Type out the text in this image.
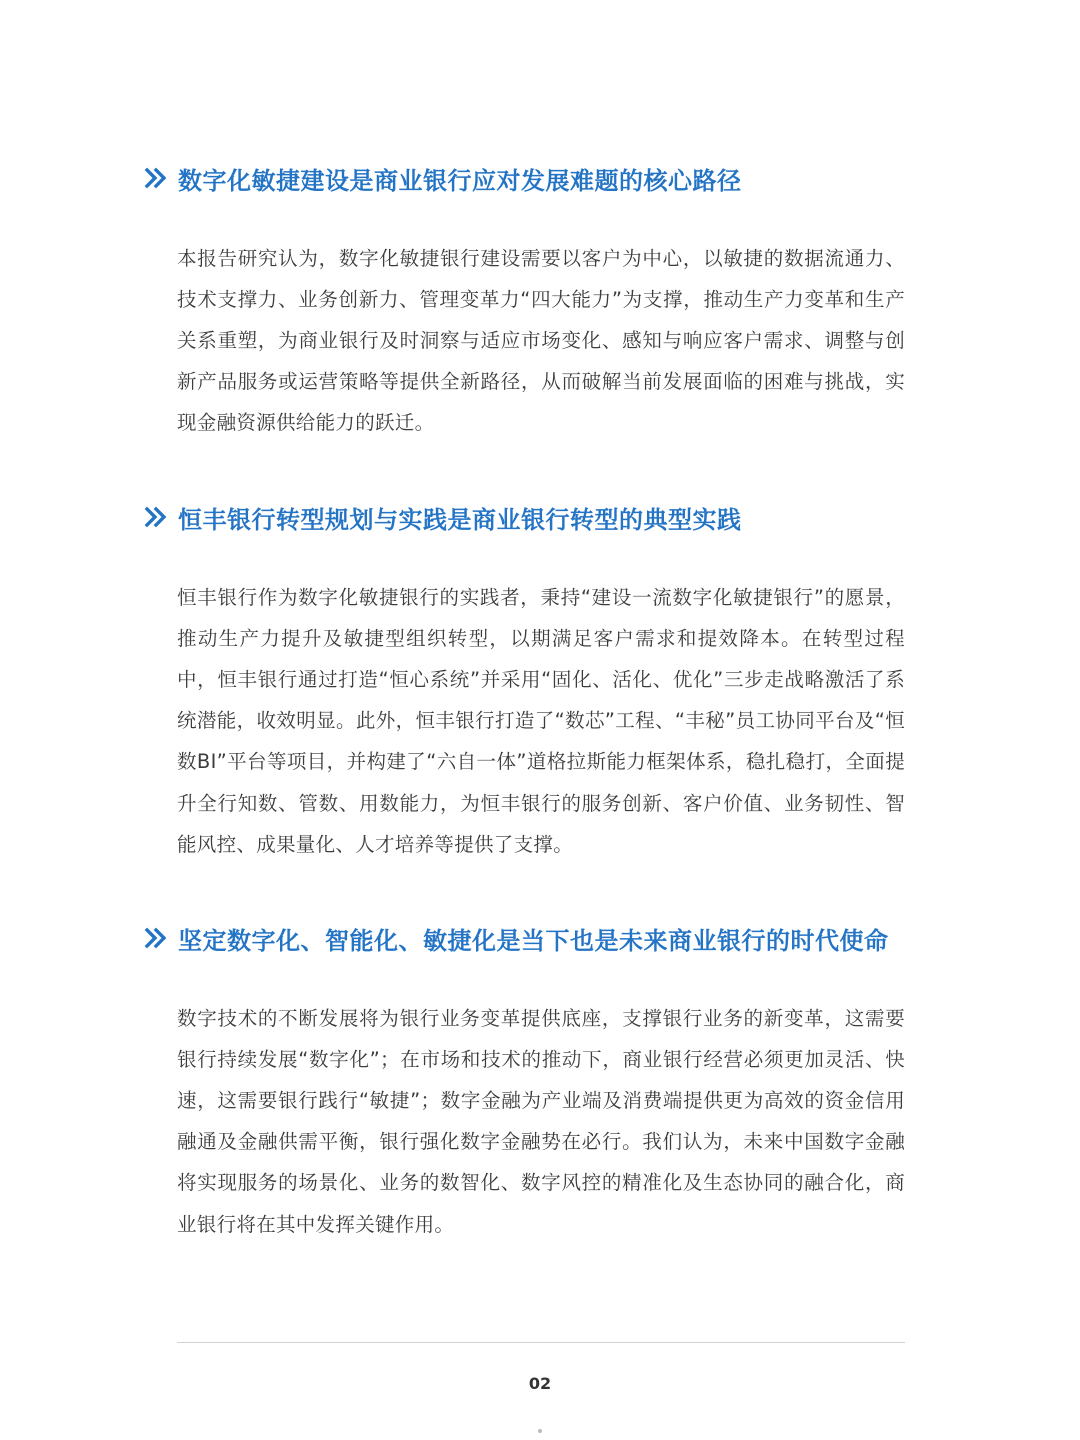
数字化敏捷建设是商业银行应对发展难题的核心路径

本报告研究认为，数字化敏捷银行建设需要以客户为中心，以敏捷的数据流通力、技术支撑力、业务创新力、管理变革力“四大能力”为支撑，推动生产力变革和生产关系重塑，为商业银行及时洞察与适应市场变化、感知与响应客户需求、调整与创新产品服务或运营策略等提供全新路径，从而破解当前发展面临的困难与挑战，实现金融资源供给能力的跃迁。

恒丰银行转型规划与实践是商业银行转型的典型实践

恒丰银行作为数字化敏捷银行的实践者，秉持“建设一流数字化敏捷银行”的愿景，推动生产力提升及敏捷型组织转型，以期满足客户需求和提效降本。在转型过程中，恒丰银行通过打造“恒心系统”并采用“固化、活化、优化”三步走战略激活了系统潜能，收效明显。此外，恒丰银行打造了“数芯”工程、“丰秘”员工协同平台及“恒数BI”平台等项目，并构建了“六自一体”道格拉斯能力框架体系，稳扎稳打，全面提升全行知数、管数、用数能力，为恒丰银行的服务创新、客户价值、业务韧性、智能风控、成果量化、人才培养等提供了支撑。

坚定数字化、智能化、敏捷化是当下也是未来商业银行的时代使命

数字技术的不断发展将为银行业务变革提供底座，支撑银行业务的新变革，这需要银行持续发展“数字化”；在市场和技术的推动下，商业银行经营必须更加灵活、快速，这需要银行践行“敏捷”；数字金融为产业端及消费端提供更为高效的资金信用融通及金融供需平衡，银行强化数字金融势在必行。我们认为，未来中国数字金融将实现服务的场景化、业务的数智化、数字风控的精准化及生态协同的融合化，商业银行将在其中发挥关键作用。

02
